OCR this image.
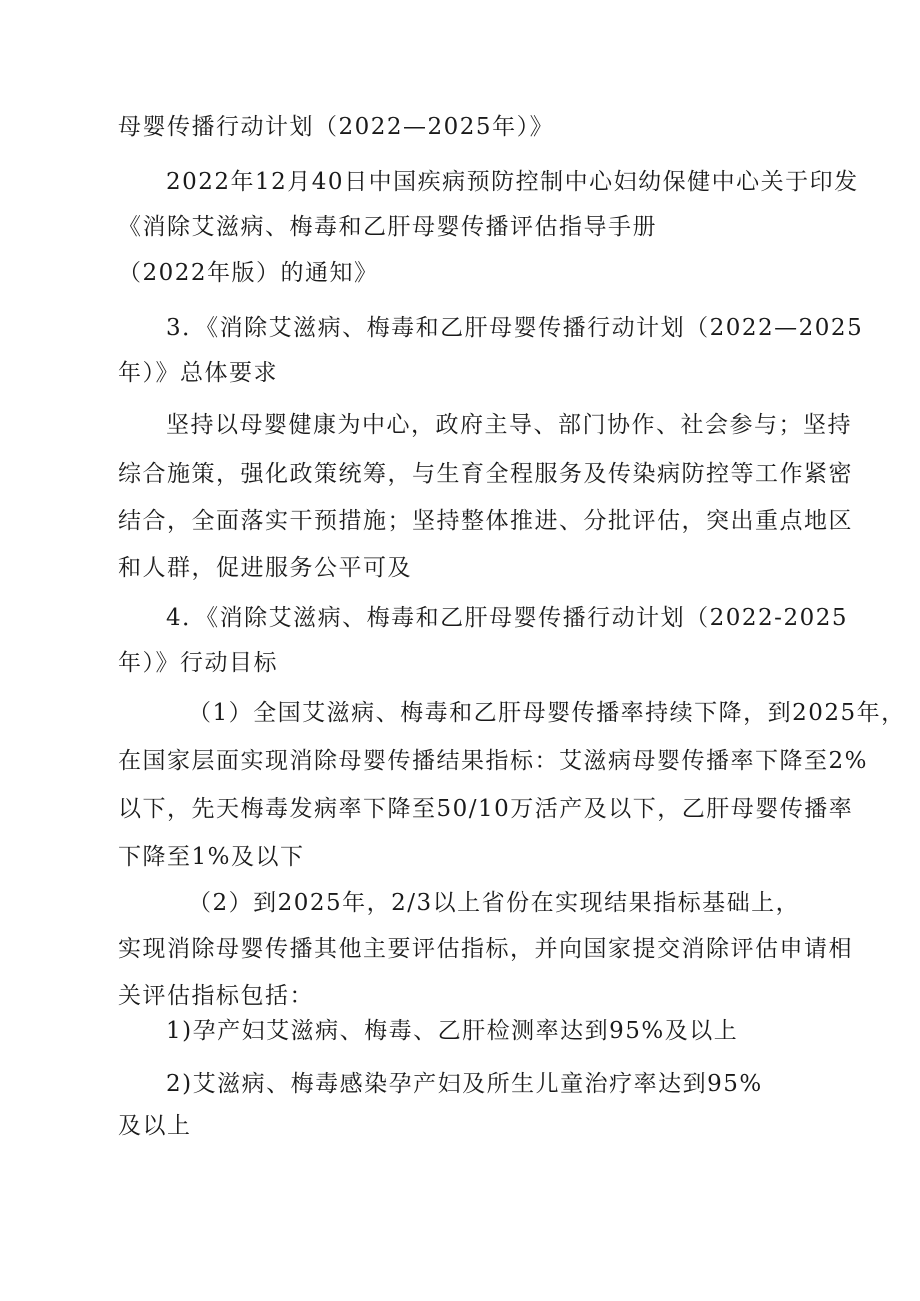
母婴传播行动计划（2022—2025年）》
2022年12月40日中国疾病预防控制中心妇幼保健中心关于印发
《消除艾滋病、梅毒和乙肝母婴传播评估指导手册
（2022年版）的通知》
3．《消除艾滋病、梅毒和乙肝母婴传播行动计划（2022—2025
年）》总体要求
坚持以母婴健康为中心，政府主导、部门协作、社会参与；坚持
综合施策，强化政策统筹，与生育全程服务及传染病防控等工作紧密
结合，全面落实干预措施；坚持整体推进、分批评估，突出重点地区
和人群，促进服务公平可及
4．《消除艾滋病、梅毒和乙肝母婴传播行动计划（2022-2025
年）》行动目标
（1）全国艾滋病、梅毒和乙肝母婴传播率持续下降，到2025年，
在国家层面实现消除母婴传播结果指标：艾滋病母婴传播率下降至2%
以下，先天梅毒发病率下降至50/10万活产及以下，乙肝母婴传播率
下降至1%及以下
（2）到2025年，2/3以上省份在实现结果指标基础上，
实现消除母婴传播其他主要评估指标，并向国家提交消除评估申请相
关评估指标包括：
1)孕产妇艾滋病、梅毒、乙肝检测率达到95%及以上
2)艾滋病、梅毒感染孕产妇及所生儿童治疗率达到95%
及以上
